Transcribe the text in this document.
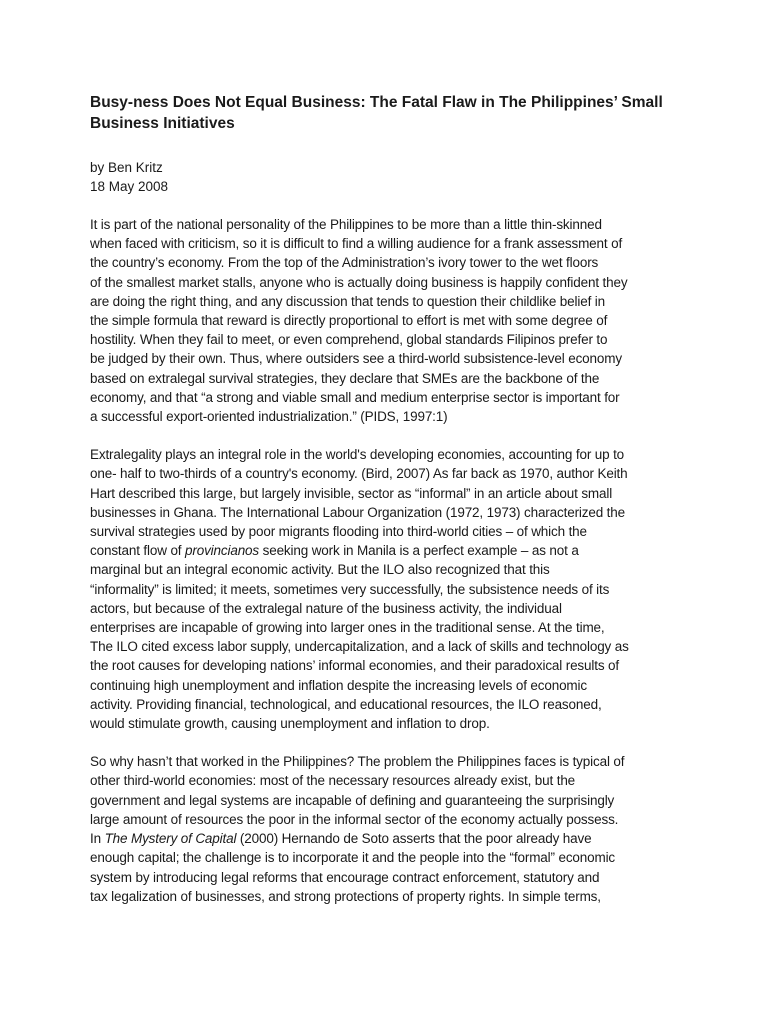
Busy-ness Does Not Equal Business: The Fatal Flaw in The Philippines’ Small
Business Initiatives
by Ben Kritz
18 May 2008

It is part of the national personality of the Philippines to be more than a little thin-skinned
when faced with criticism, so it is difficult to find a willing audience for a frank assessment of
the country’s economy. From the top of the Administration’s ivory tower to the wet floors
of the smallest market stalls, anyone who is actually doing business is happily confident they
are doing the right thing, and any discussion that tends to question their childlike belief in
the simple formula that reward is directly proportional to effort is met with some degree of
hostility. When they fail to meet, or even comprehend, global standards Filipinos prefer to
be judged by their own. Thus, where outsiders see a third-world subsistence-level economy
based on extralegal survival strategies, they declare that SMEs are the backbone of the
economy, and that “a strong and viable small and medium enterprise sector is important for
a successful export-oriented industrialization.” (PIDS, 1997:1)

Extralegality plays an integral role in the world's developing economies, accounting for up to
one- half to two-thirds of a country's economy. (Bird, 2007) As far back as 1970, author Keith
Hart described this large, but largely invisible, sector as “informal” in an article about small
businesses in Ghana. The International Labour Organization (1972, 1973) characterized the
survival strategies used by poor migrants flooding into third-world cities – of which the
constant flow of provincianos seeking work in Manila is a perfect example – as not a
marginal but an integral economic activity. But the ILO also recognized that this
“informality” is limited; it meets, sometimes very successfully, the subsistence needs of its
actors, but because of the extralegal nature of the business activity, the individual
enterprises are incapable of growing into larger ones in the traditional sense. At the time,
The ILO cited excess labor supply, undercapitalization, and a lack of skills and technology as
the root causes for developing nations’ informal economies, and their paradoxical results of
continuing high unemployment and inflation despite the increasing levels of economic
activity. Providing financial, technological, and educational resources, the ILO reasoned,
would stimulate growth, causing unemployment and inflation to drop.

So why hasn’t that worked in the Philippines? The problem the Philippines faces is typical of
other third-world economies: most of the necessary resources already exist, but the
government and legal systems are incapable of defining and guaranteeing the surprisingly
large amount of resources the poor in the informal sector of the economy actually possess.
In The Mystery of Capital (2000) Hernando de Soto asserts that the poor already have
enough capital; the challenge is to incorporate it and the people into the “formal” economic
system by introducing legal reforms that encourage contract enforcement, statutory and
tax legalization of businesses, and strong protections of property rights. In simple terms,
